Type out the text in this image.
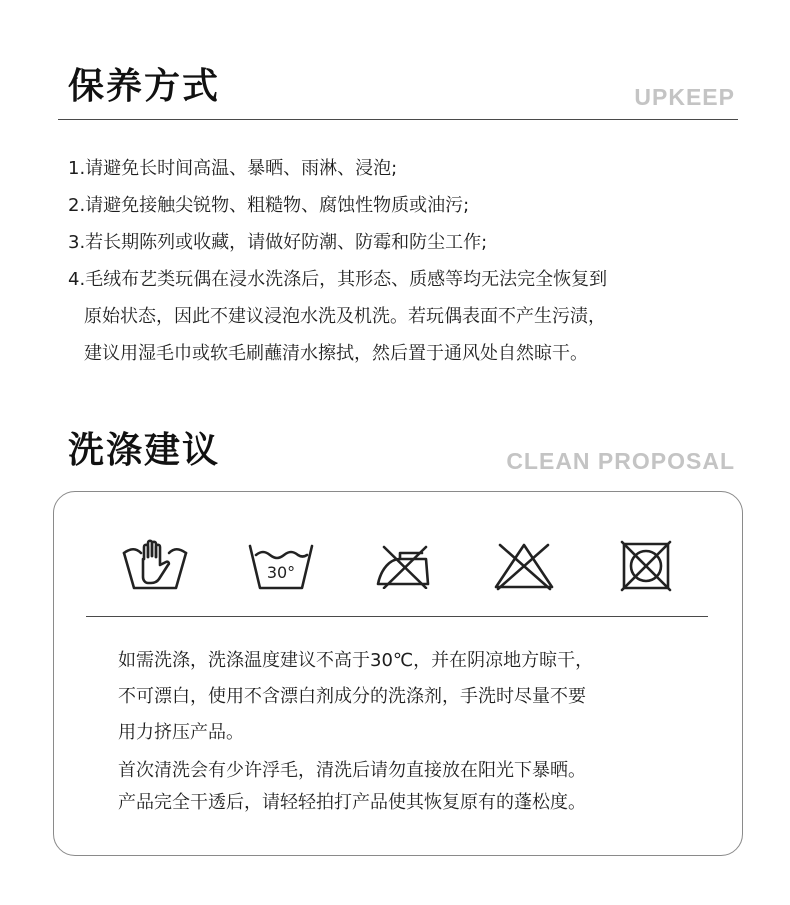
保养方式	UPKEEP
1.请避免长时间高温、暴晒、雨淋、浸泡;
2.请避免接触尖锐物、粗糙物、腐蚀性物质或油污;
3.若长期陈列或收藏，请做好防潮、防霉和防尘工作;
4.毛绒布艺类玩偶在浸水洗涤后，其形态、质感等均无法完全恢复到
原始状态，因此不建议浸泡水洗及机洗。若玩偶表面不产生污渍，
建议用湿毛巾或软毛刷蘸清水擦拭，然后置于通风处自然晾干。
洗涤建议	CLEAN PROPOSAL
30°

如需洗涤，洗涤温度建议不高于30℃，并在阴凉地方晾干，

不可漂白，使用不含漂白剂成分的洗涤剂，手洗时尽量不要

用力挤压产品。

首次清洗会有少许浮毛，清洗后请勿直接放在阳光下暴晒。

产品完全干透后，请轻轻拍打产品使其恢复原有的蓬松度。
